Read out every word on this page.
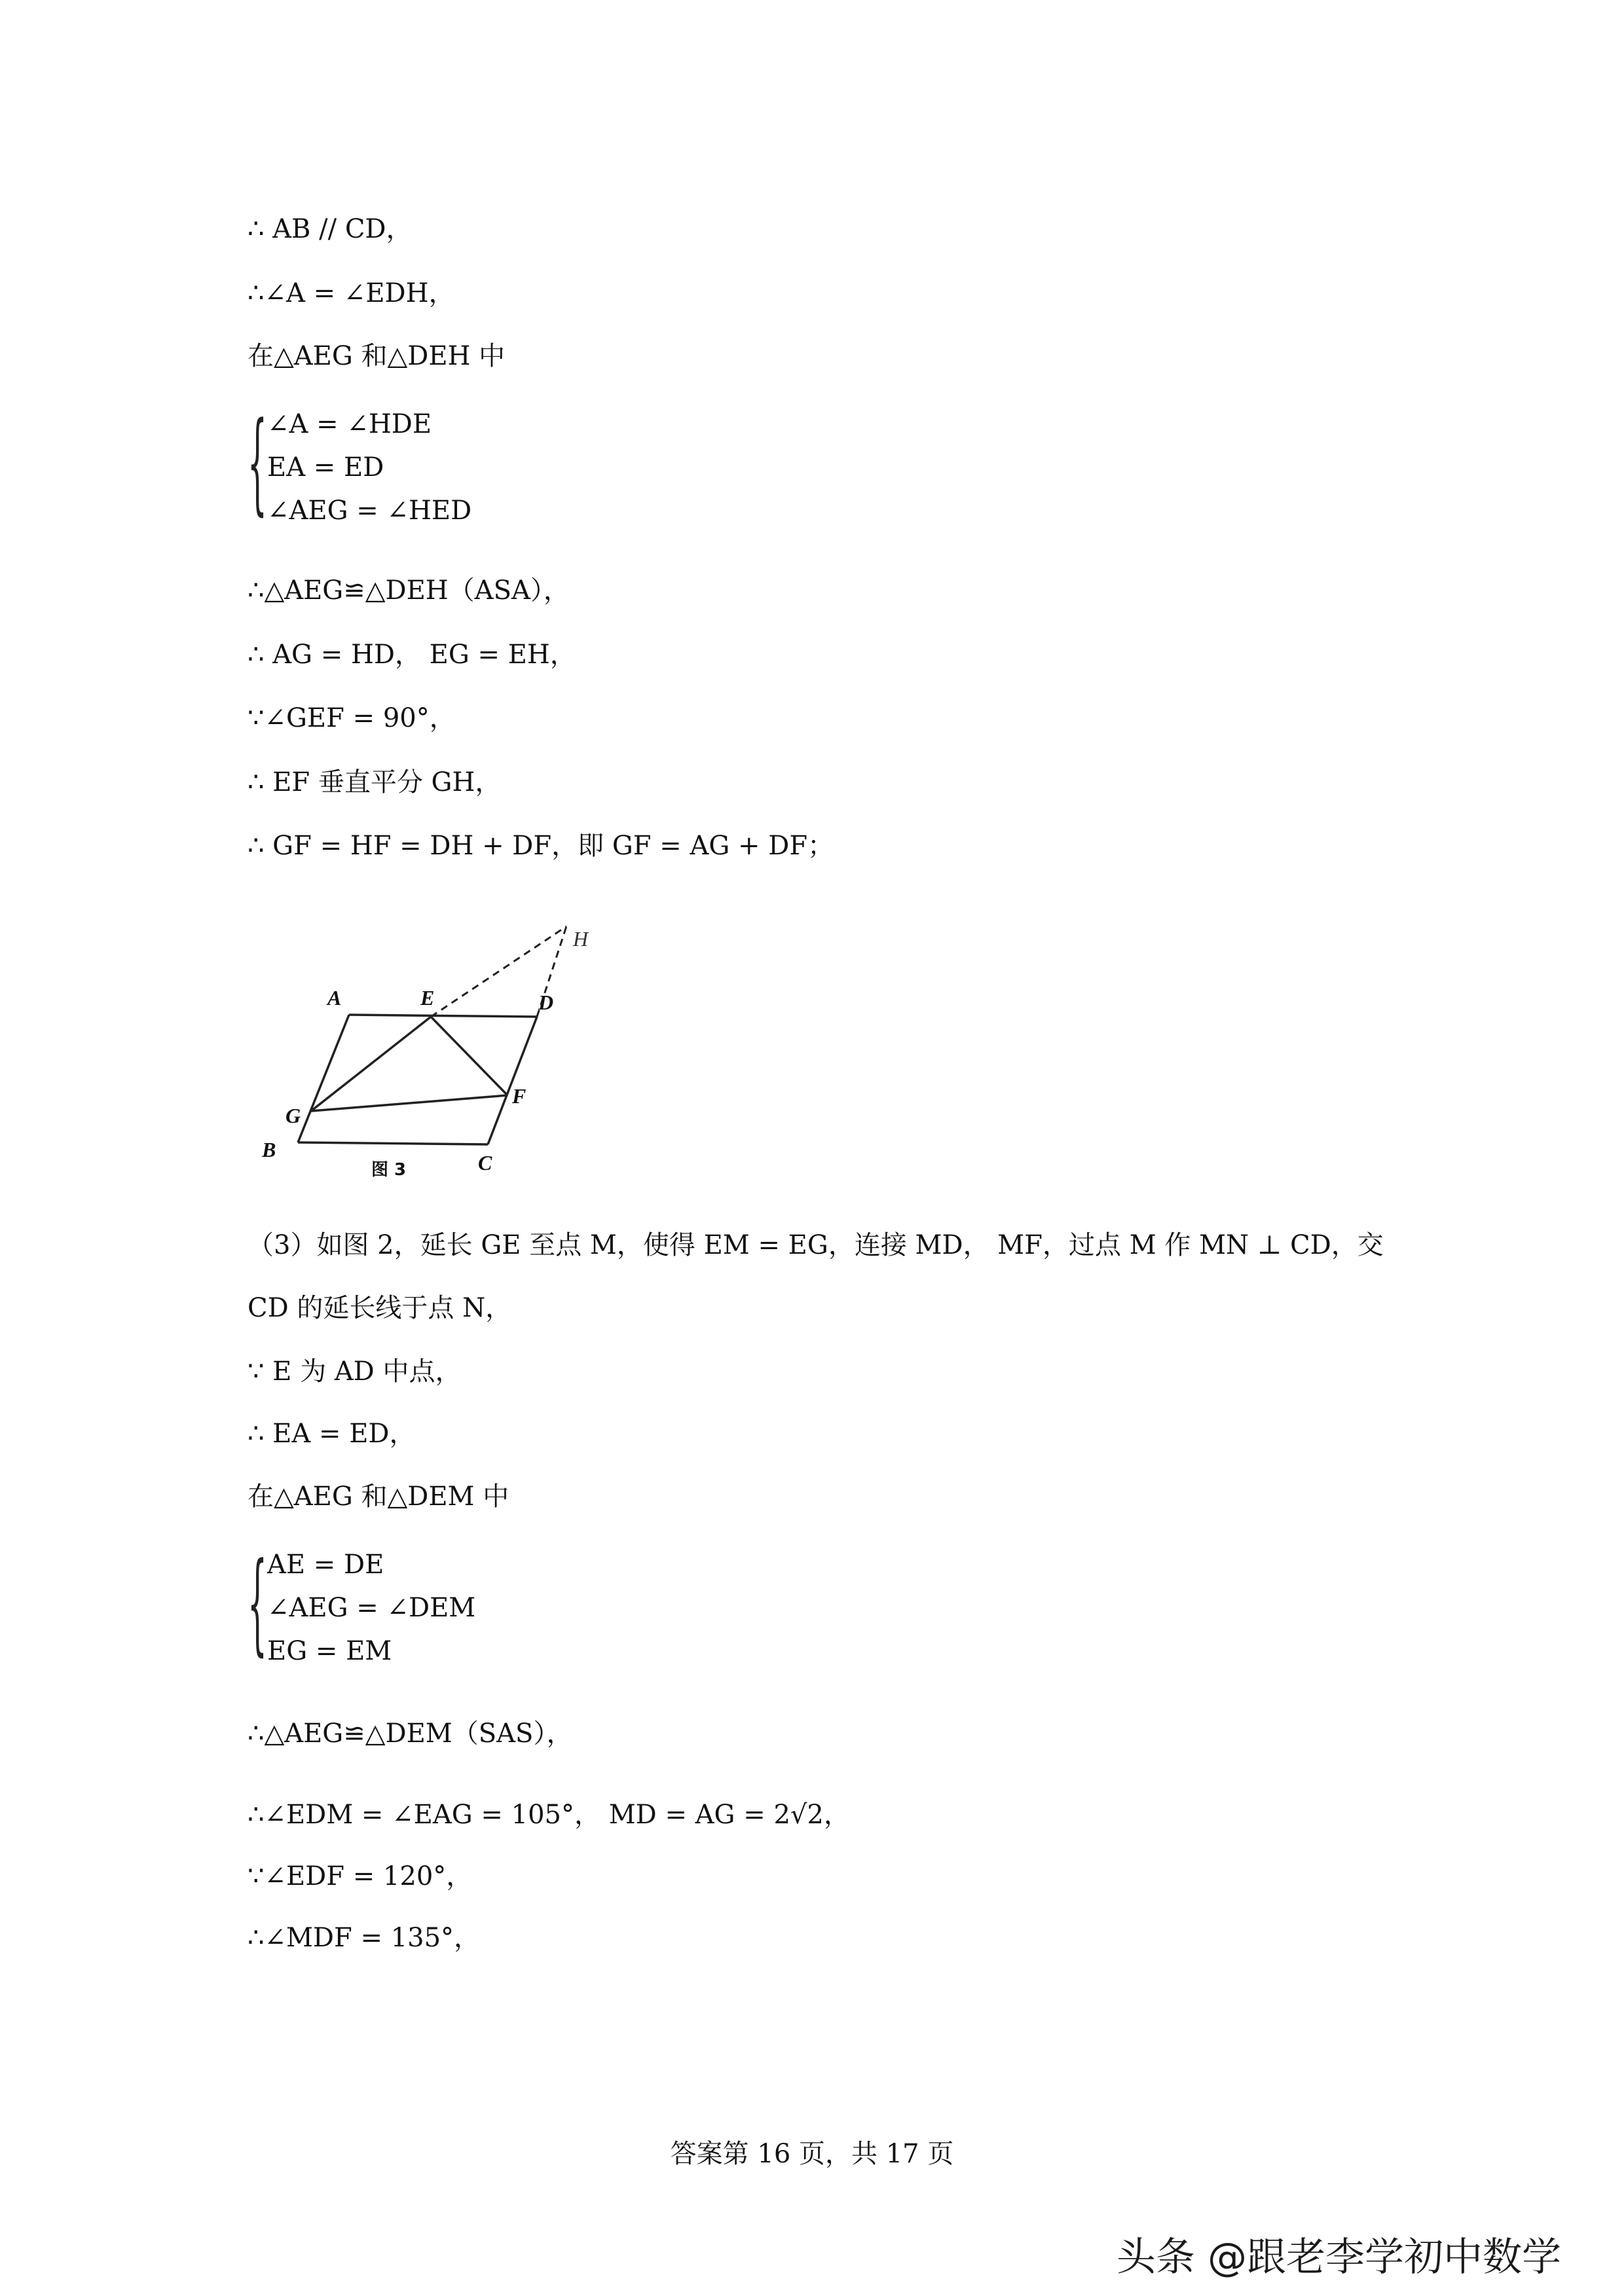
∴ AB // CD，
∴∠A = ∠EDH，
在△AEG 和△DEH 中
{ ∠A = ∠HDE
EA = ED
∠AEG = ∠HED
∴△AEG≌△DEH（ASA），
∴ AG = HD， EG = EH，
∵∠GEF = 90°，
∴ EF 垂直平分 GH，
∴ GF = HF = DH + DF，即 GF = AG + DF；
A	E	D
G
F
B
C
H
图 3
（3）如图 2，延长 GE 至点 M，使得 EM = EG，连接 MD， MF，过点 M 作 MN ⊥ CD，交
CD 的延长线于点 N，
∵ E 为 AD 中点，
∴ EA = ED，
在△AEG 和△DEM 中
{ AE = DE
∠AEG = ∠DEM
EG = EM
∴△AEG≌△DEM（SAS），
∴∠EDM = ∠EAG = 105°， MD = AG = 2√2，
∵∠EDF = 120°，
∴∠MDF = 135°，
答案第 16 页，共 17 页
头条 @跟老李学初中数学
